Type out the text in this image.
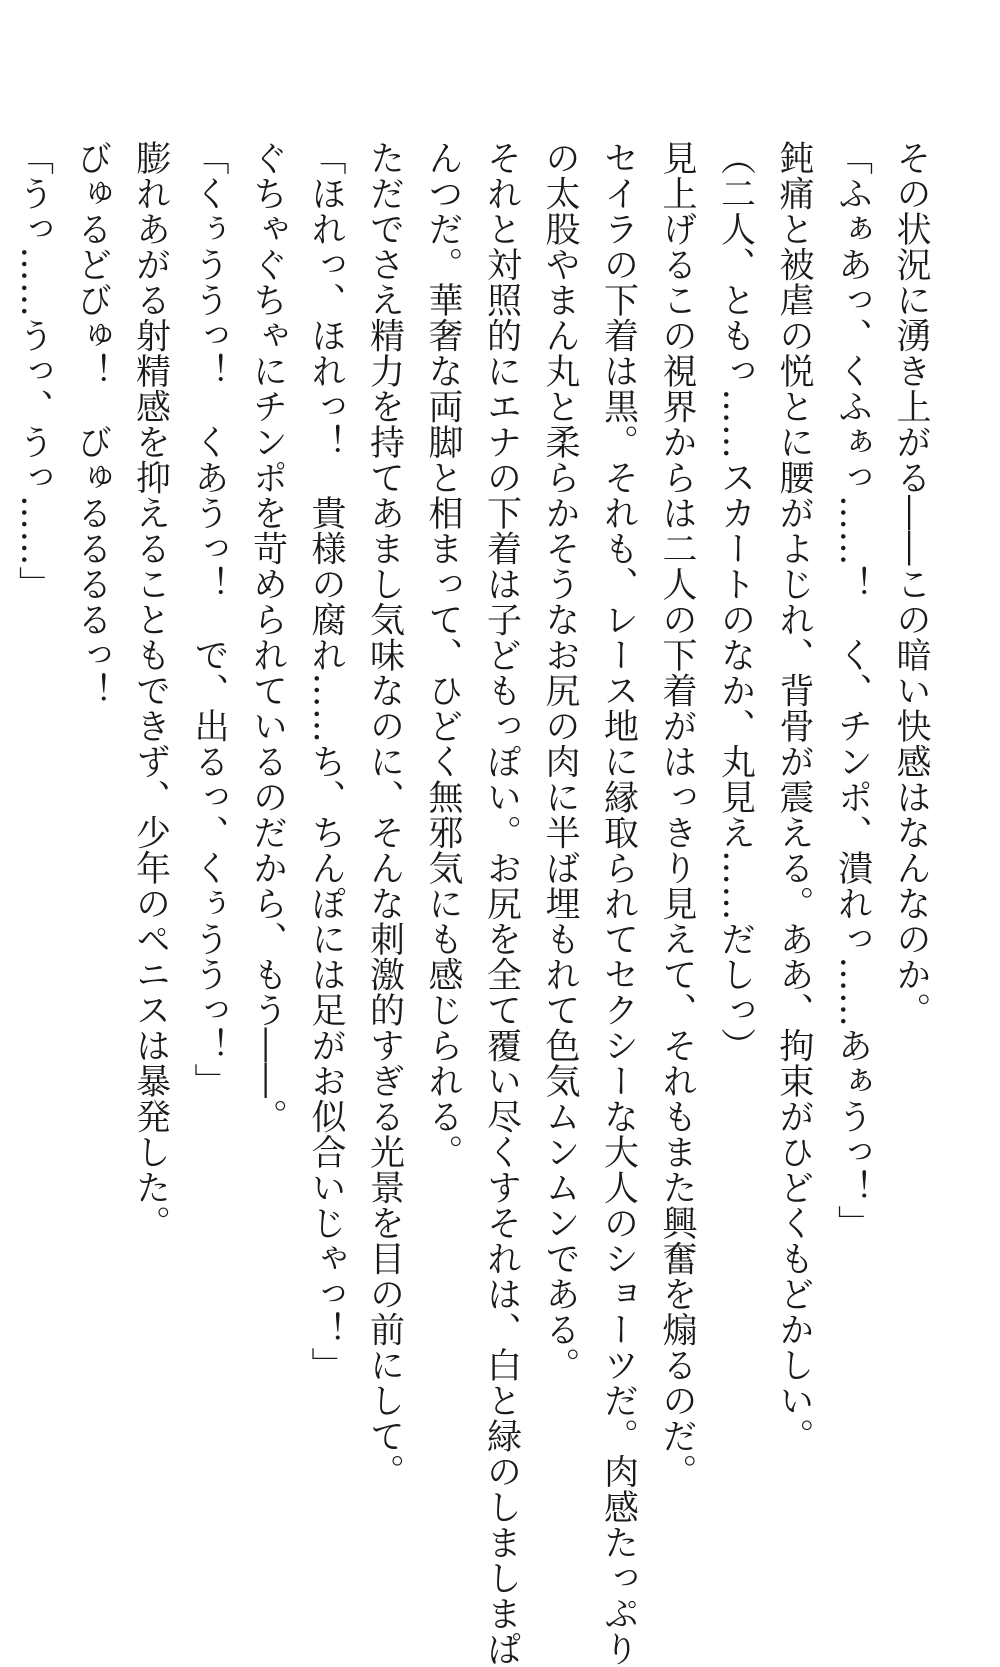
その状況に湧き上がる――この暗い快感はなんなのか。
「ふぁあっ、くふぁっ……！　く、チンポ、潰れっ……あぁうっ！」
鈍痛と被虐の悦とに腰がよじれ、背骨が震える。ああ、拘束がひどくもどかしい。
（二人、ともっ……スカートのなか、丸見え……だしっ）
見上げるこの視界からは二人の下着がはっきり見えて、それもまた興奮を煽るのだ。
セイラの下着は黒。それも、レース地に縁取られてセクシーな大人のショーツだ。肉感たっぷり
の太股やまん丸と柔らかそうなお尻の肉に半ば埋もれて色気ムンムンである。
それと対照的にエナの下着は子どもっぽい。お尻を全て覆い尽くすそれは、白と緑のしましまぱ
んつだ。華奢な両脚と相まって、ひどく無邪気にも感じられる。
ただでさえ精力を持てあまし気味なのに、そんな刺激的すぎる光景を目の前にして。
「ほれっ、ほれっ！　貴様の腐れ……ち、ちんぽには足がお似合いじゃっ！」
ぐちゃぐちゃにチンポを苛められているのだから、もう――。
「くぅううっ！　くあうっ！　で、出るっ、くぅううっ！」
膨れあがる射精感を抑えることもできず、少年のペニスは暴発した。
びゅるどびゅ！　びゅるるるるっ！
「うっ……うっ、うっ……」
